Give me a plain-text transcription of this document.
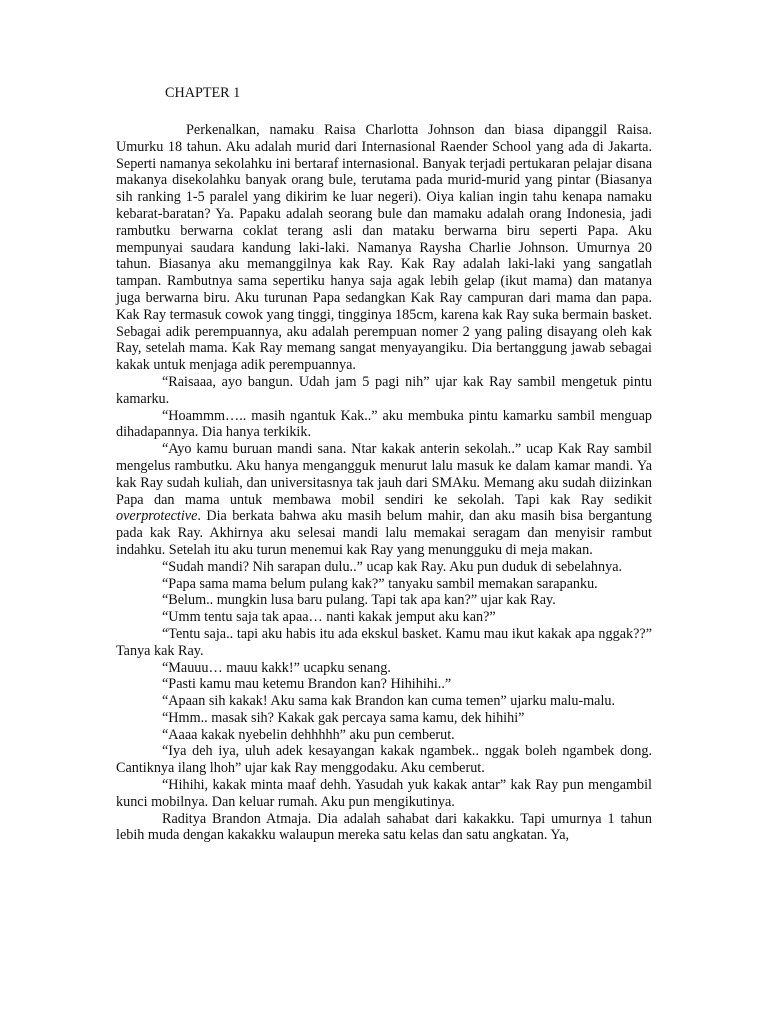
CHAPTER 1

Perkenalkan, namaku Raisa Charlotta Johnson dan biasa dipanggil Raisa. Umurku 18 tahun. Aku adalah murid dari Internasional Raender School yang ada di Jakarta. Seperti namanya sekolahku ini bertaraf internasional. Banyak terjadi pertukaran pelajar disana makanya disekolahku banyak orang bule, terutama pada murid-murid yang pintar (Biasanya sih ranking 1-5 paralel yang dikirim ke luar negeri). Oiya kalian ingin tahu kenapa namaku kebarat-baratan? Ya. Papaku adalah seorang bule dan mamaku adalah orang Indonesia, jadi rambutku berwarna coklat terang asli dan mataku berwarna biru seperti Papa. Aku mempunyai saudara kandung laki-laki. Namanya Raysha Charlie Johnson. Umurnya 20 tahun. Biasanya aku memanggilnya kak Ray. Kak Ray adalah laki-laki yang sangatlah tampan. Rambutnya sama sepertiku hanya saja agak lebih gelap (ikut mama) dan matanya juga berwarna biru. Aku turunan Papa sedangkan Kak Ray campuran dari mama dan papa. Kak Ray termasuk cowok yang tinggi, tingginya 185cm, karena kak Ray suka bermain basket. Sebagai adik perempuannya, aku adalah perempuan nomer 2 yang paling disayang oleh kak Ray, setelah mama. Kak Ray memang sangat menyayangiku. Dia bertanggung jawab sebagai kakak untuk menjaga adik perempuannya.

“Raisaaa, ayo bangun. Udah jam 5 pagi nih” ujar kak Ray sambil mengetuk pintu kamarku.

“Hoammm….. masih ngantuk Kak..” aku membuka pintu kamarku sambil menguap dihadapannya. Dia hanya terkikik.

“Ayo kamu buruan mandi sana. Ntar kakak anterin sekolah..” ucap Kak Ray sambil mengelus rambutku. Aku hanya mengangguk menurut lalu masuk ke dalam kamar mandi. Ya kak Ray sudah kuliah, dan universitasnya tak jauh dari SMAku. Memang aku sudah diizinkan Papa dan mama untuk membawa mobil sendiri ke sekolah. Tapi kak Ray sedikit overprotective. Dia berkata bahwa aku masih belum mahir, dan aku masih bisa bergantung pada kak Ray. Akhirnya aku selesai mandi lalu memakai seragam dan menyisir rambut indahku. Setelah itu aku turun menemui kak Ray yang menungguku di meja makan.

“Sudah mandi? Nih sarapan dulu..” ucap kak Ray. Aku pun duduk di sebelahnya.

“Papa sama mama belum pulang kak?” tanyaku sambil memakan sarapanku.

“Belum.. mungkin lusa baru pulang. Tapi tak apa kan?” ujar kak Ray.

“Umm tentu saja tak apaa… nanti kakak jemput aku kan?”

“Tentu saja.. tapi aku habis itu ada ekskul basket. Kamu mau ikut kakak apa nggak??” Tanya kak Ray.

“Mauuu… mauu kakk!” ucapku senang.

“Pasti kamu mau ketemu Brandon kan? Hihihihi..”

“Apaan sih kakak! Aku sama kak Brandon kan cuma temen” ujarku malu-malu.

“Hmm.. masak sih? Kakak gak percaya sama kamu, dek hihihi”

“Aaaa kakak nyebelin dehhhhh” aku pun cemberut.

“Iya deh iya, uluh adek kesayangan kakak ngambek.. nggak boleh ngambek dong. Cantiknya ilang lhoh” ujar kak Ray menggodaku. Aku cemberut.

“Hihihi, kakak minta maaf dehh. Yasudah yuk kakak antar” kak Ray pun mengambil kunci mobilnya. Dan keluar rumah. Aku pun mengikutinya.

Raditya Brandon Atmaja. Dia adalah sahabat dari kakakku. Tapi umurnya 1 tahun lebih muda dengan kakakku walaupun mereka satu kelas dan satu angkatan. Ya,
